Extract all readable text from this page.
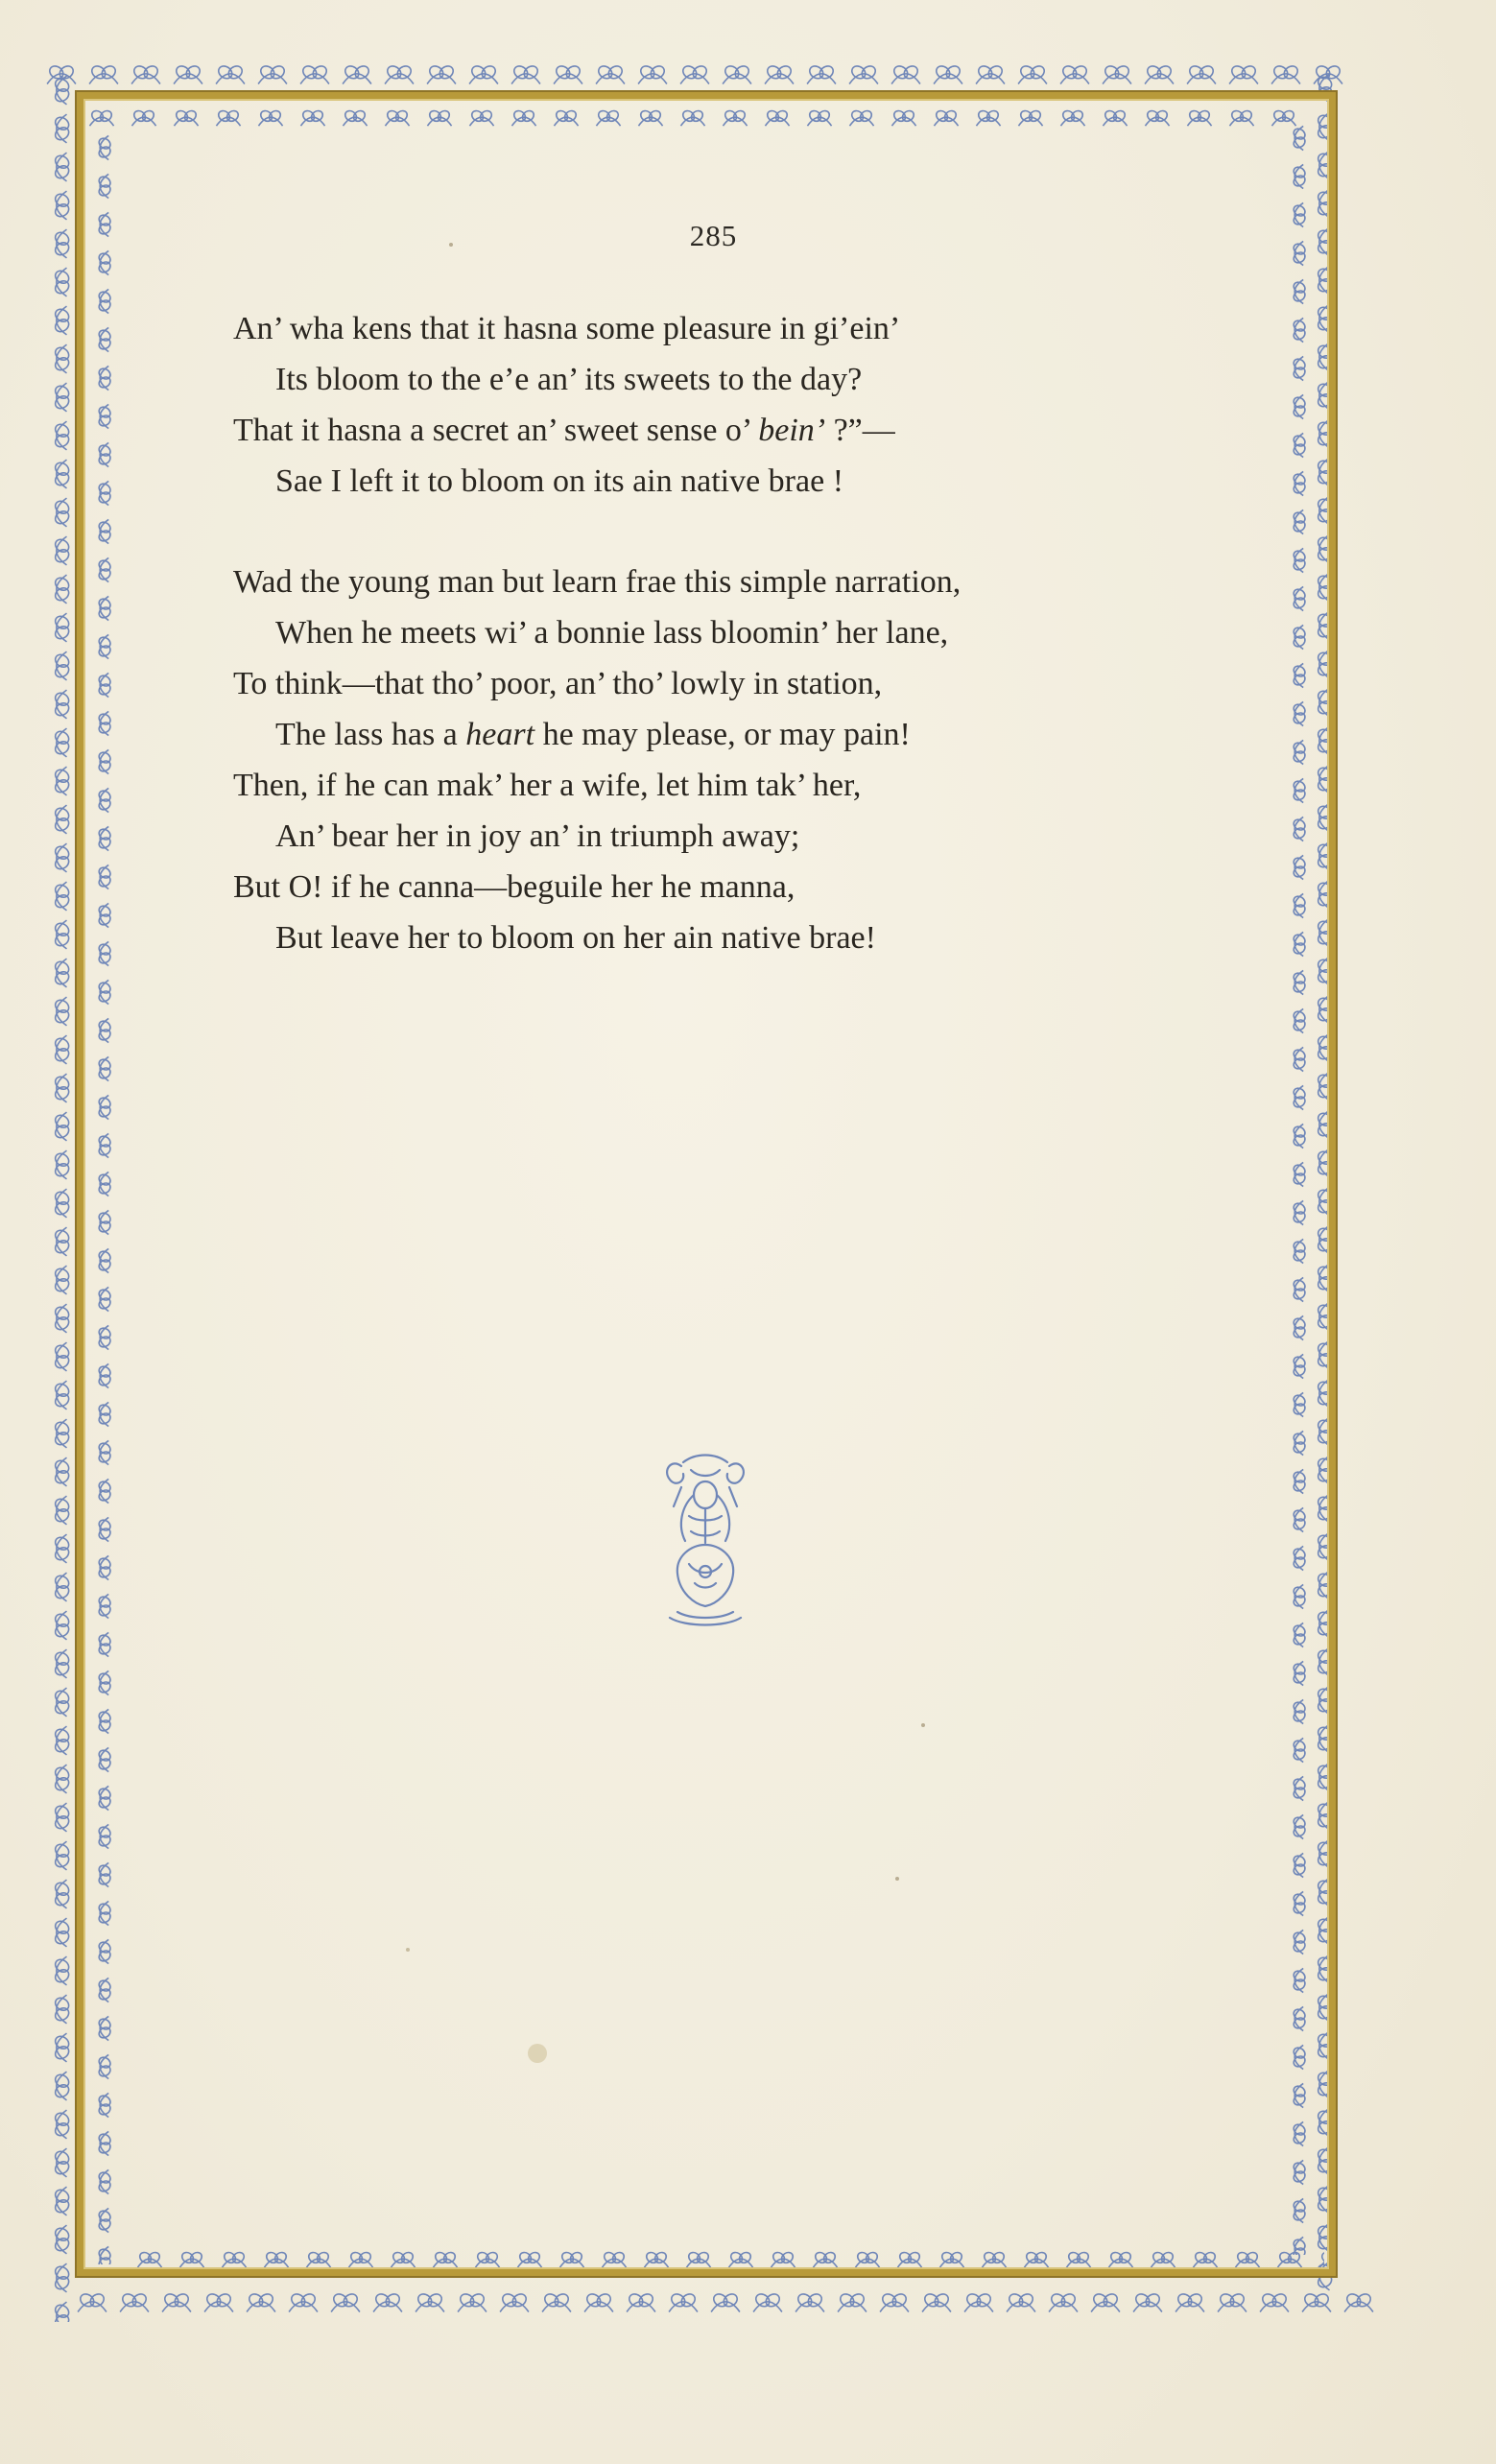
285
An’ wha kens that it hasna some pleasure in gi’ein’
Its bloom to the e’e an’ its sweets to the day?
That it hasna a secret an’ sweet sense o’ bein’ ?”—
Sae I left it to bloom on its ain native brae !
Wad the young man but learn frae this simple narration,
When he meets wi’ a bonnie lass bloomin’ her lane,
To think—that tho’ poor, an’ tho’ lowly in station,
The lass has a heart he may please, or may pain!
Then, if he can mak’ her a wife, let him tak’ her,
An’ bear her in joy an’ in triumph away;
But O! if he canna—beguile her he manna,
But leave her to bloom on her ain native brae!
